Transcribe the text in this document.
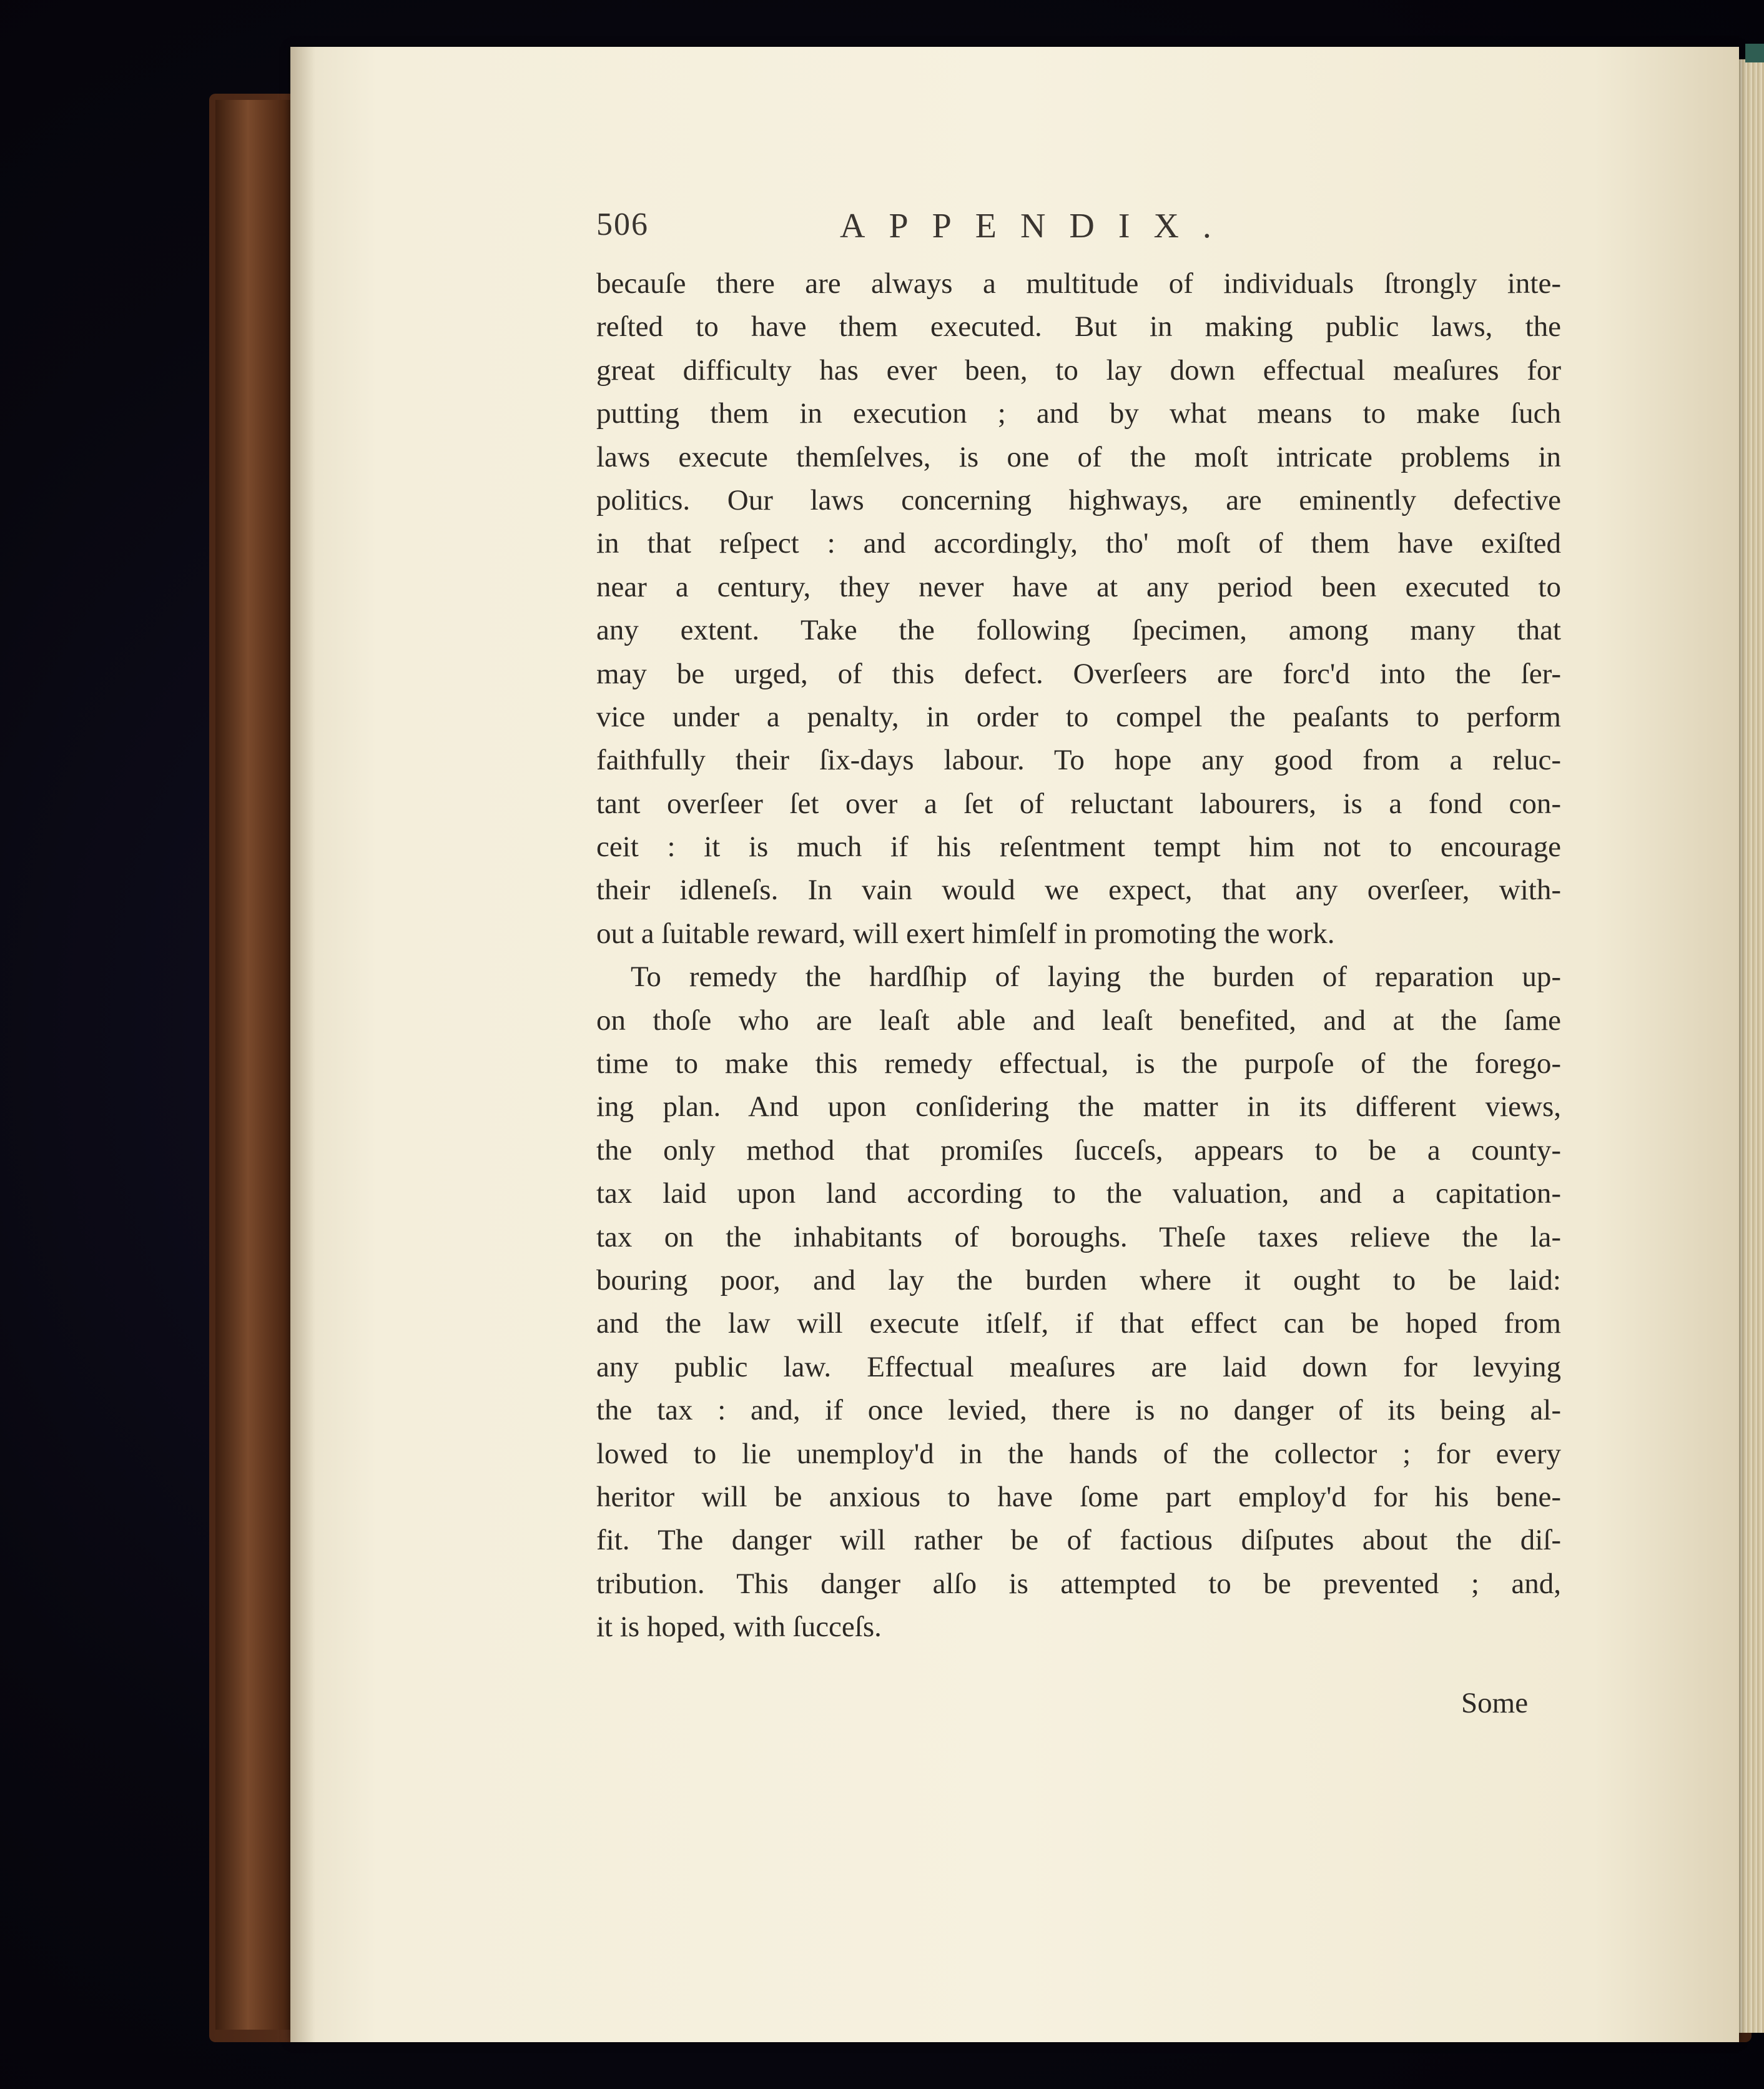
506	APPENDIX.
becauſe there are always a multitude of individuals ſtrongly inte-
reſted to have them executed. But in making public laws, the
great difficulty has ever been, to lay down effectual meaſures for
putting them in execution ; and by what means to make ſuch
laws execute themſelves, is one of the moſt intricate problems in
politics. Our laws concerning highways, are eminently defective
in that reſpect : and accordingly, tho' moſt of them have exiſted
near a century, they never have at any period been executed to
any extent. Take the following ſpecimen, among many that
may be urged, of this defect. Overſeers are forc'd into the ſer-
vice under a penalty, in order to compel the peaſants to perform
faithfully their ſix-days labour. To hope any good from a reluc-
tant overſeer ſet over a ſet of reluctant labourers, is a fond con-
ceit : it is much if his reſentment tempt him not to encourage
their idleneſs. In vain would we expect, that any overſeer, with-
out a ſuitable reward, will exert himſelf in promoting the work.
To remedy the hardſhip of laying the burden of reparation up-
on thoſe who are leaſt able and leaſt benefited, and at the ſame
time to make this remedy effectual, is the purpoſe of the forego-
ing plan. And upon conſidering the matter in its different views,
the only method that promiſes ſucceſs, appears to be a county-
tax laid upon land according to the valuation, and a capitation-
tax on the inhabitants of boroughs. Theſe taxes relieve the la-
bouring poor, and lay the burden where it ought to be laid:
and the law will execute itſelf, if that effect can be hoped from
any public law. Effectual meaſures are laid down for levying
the tax : and, if once levied, there is no danger of its being al-
lowed to lie unemploy'd in the hands of the collector ; for every
heritor will be anxious to have ſome part employ'd for his bene-
fit. The danger will rather be of factious diſputes about the diſ-
tribution. This danger alſo is attempted to be prevented ; and,
it is hoped, with ſucceſs.
Some
